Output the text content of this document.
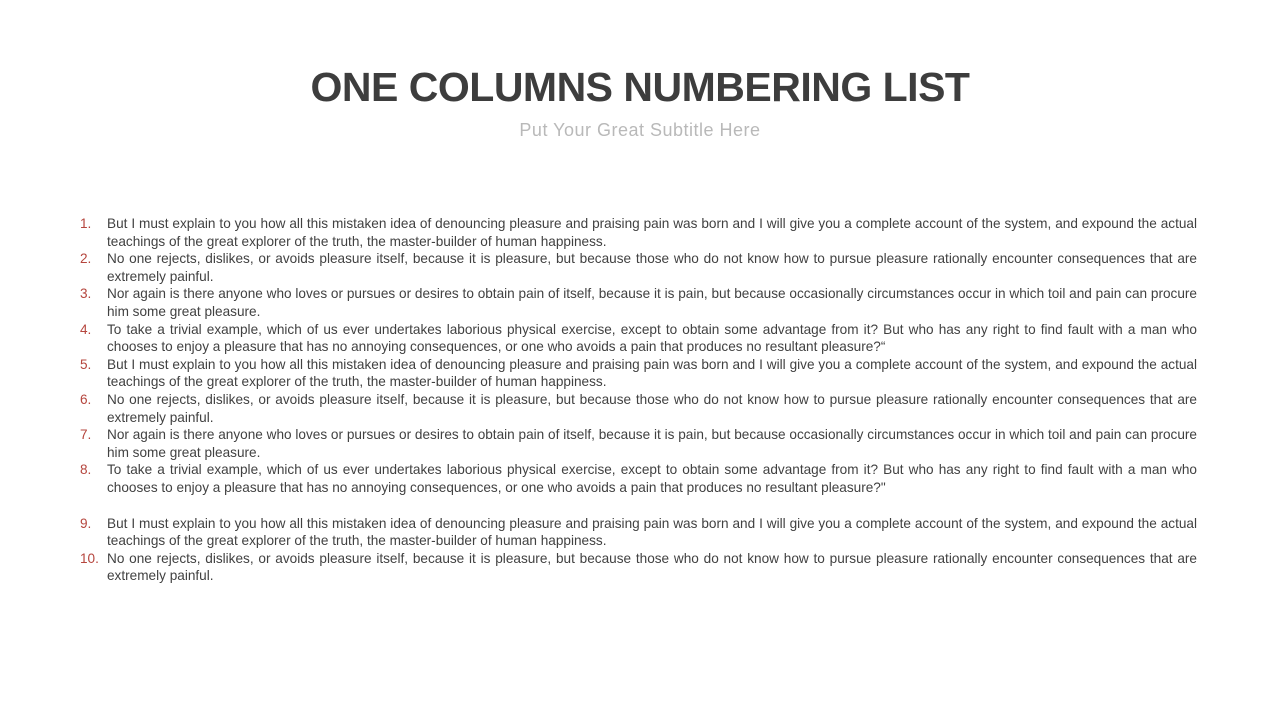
ONE COLUMNS NUMBERING LIST
Put Your Great Subtitle Here
1. But I must explain to you how all this mistaken idea of denouncing pleasure and praising pain was born and I will give you a complete account of the system, and expound the actual teachings of the great explorer of the truth, the master-builder of human happiness.
2. No one rejects, dislikes, or avoids pleasure itself, because it is pleasure, but because those who do not know how to pursue pleasure rationally encounter consequences that are extremely painful.
3. Nor again is there anyone who loves or pursues or desires to obtain pain of itself, because it is pain, but because occasionally circumstances occur in which toil and pain can procure him some great pleasure.
4. To take a trivial example, which of us ever undertakes laborious physical exercise, except to obtain some advantage from it? But who has any right to find fault with a man who chooses to enjoy a pleasure that has no annoying consequences, or one who avoids a pain that produces no resultant pleasure?“
5. But I must explain to you how all this mistaken idea of denouncing pleasure and praising pain was born and I will give you a complete account of the system, and expound the actual teachings of the great explorer of the truth, the master-builder of human happiness.
6. No one rejects, dislikes, or avoids pleasure itself, because it is pleasure, but because those who do not know how to pursue pleasure rationally encounter consequences that are extremely painful.
7. Nor again is there anyone who loves or pursues or desires to obtain pain of itself, because it is pain, but because occasionally circumstances occur in which toil and pain can procure him some great pleasure.
8. To take a trivial example, which of us ever undertakes laborious physical exercise, except to obtain some advantage from it? But who has any right to find fault with a man who chooses to enjoy a pleasure that has no annoying consequences, or one who avoids a pain that produces no resultant pleasure?"
9. But I must explain to you how all this mistaken idea of denouncing pleasure and praising pain was born and I will give you a complete account of the system, and expound the actual teachings of the great explorer of the truth, the master-builder of human happiness.
10. No one rejects, dislikes, or avoids pleasure itself, because it is pleasure, but because those who do not know how to pursue pleasure rationally encounter consequences that are extremely painful.
